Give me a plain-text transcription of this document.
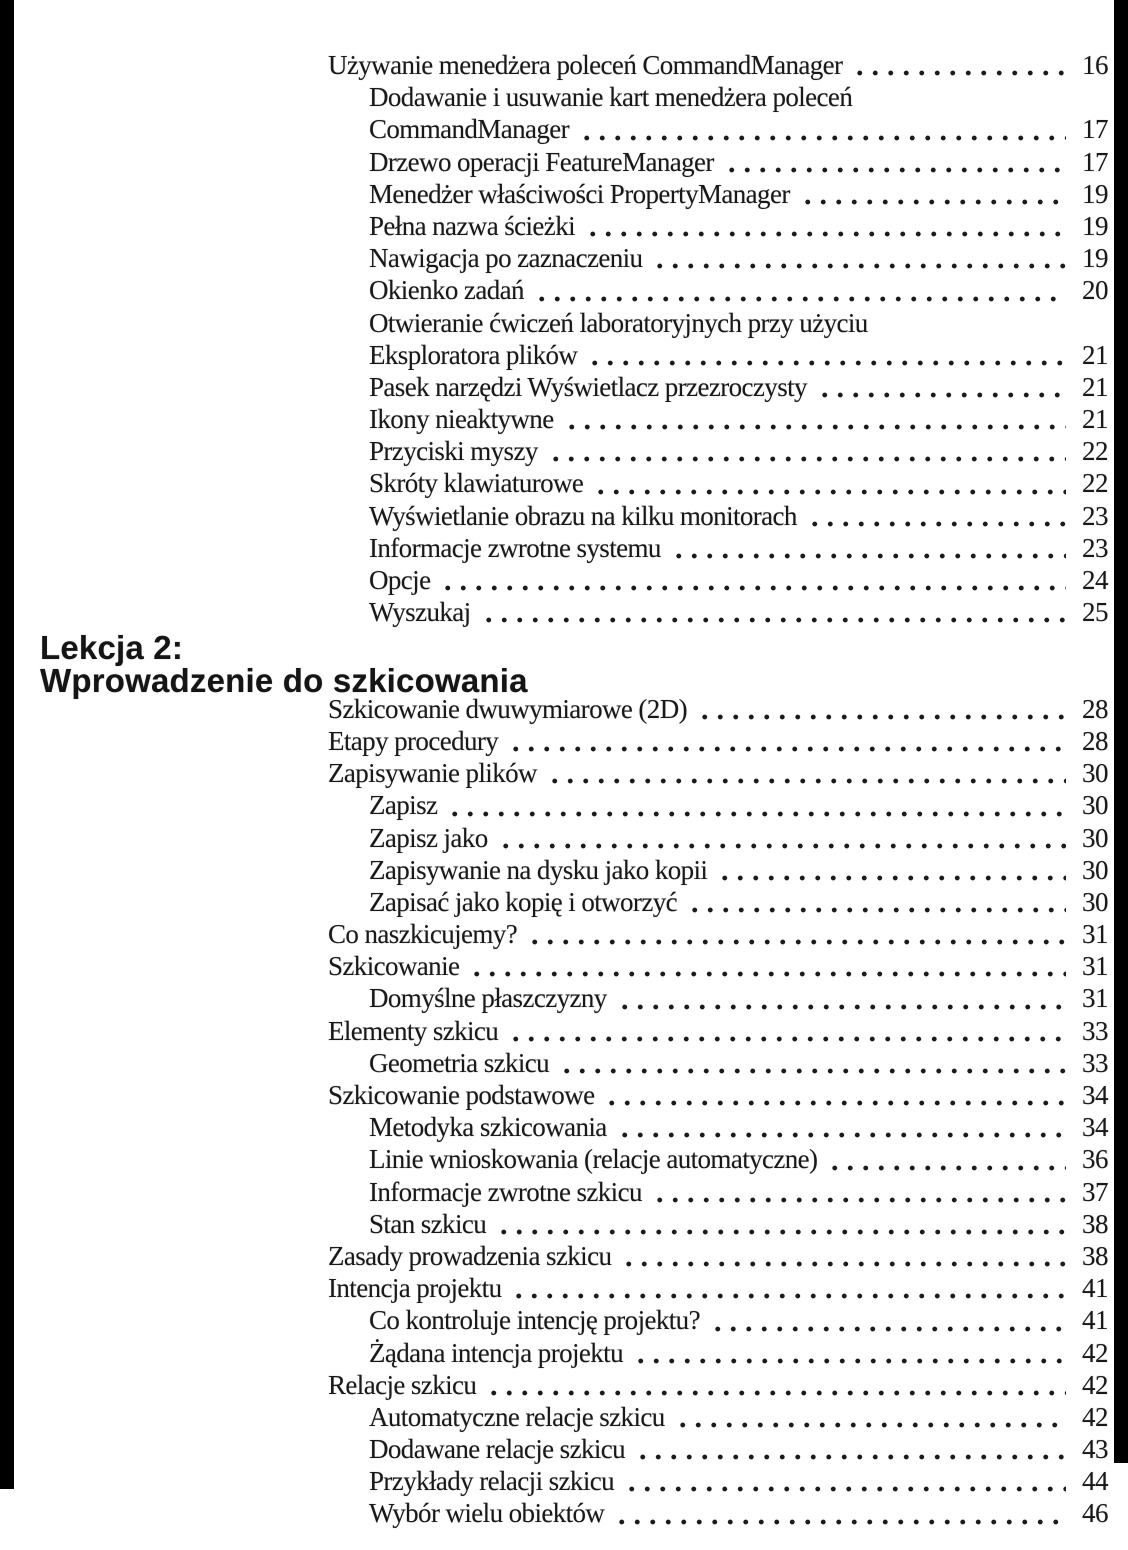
Używanie menedżera poleceń CommandManager	16
Dodawanie i usuwanie kart menedżera poleceń
CommandManager	17
Drzewo operacji FeatureManager	17
Menedżer właściwości PropertyManager	19
Pełna nazwa ścieżki	19
Nawigacja po zaznaczeniu	19
Okienko zadań	20
Otwieranie ćwiczeń laboratoryjnych przy użyciu
Eksploratora plików	21
Pasek narzędzi Wyświetlacz przezroczysty	21
Ikony nieaktywne	21
Przyciski myszy	22
Skróty klawiaturowe	22
Wyświetlanie obrazu na kilku monitorach	23
Informacje zwrotne systemu	23
Opcje	24
Wyszukaj	25
Lekcja 2:
Wprowadzenie do szkicowania
Szkicowanie dwuwymiarowe (2D)	28
Etapy procedury	28
Zapisywanie plików	30
Zapisz	30
Zapisz jako	30
Zapisywanie na dysku jako kopii	30
Zapisać jako kopię i otworzyć	30
Co naszkicujemy?	31
Szkicowanie	31
Domyślne płaszczyzny	31
Elementy szkicu	33
Geometria szkicu	33
Szkicowanie podstawowe	34
Metodyka szkicowania	34
Linie wnioskowania (relacje automatyczne)	36
Informacje zwrotne szkicu	37
Stan szkicu	38
Zasady prowadzenia szkicu	38
Intencja projektu	41
Co kontroluje intencję projektu?	41
Żądana intencja projektu	42
Relacje szkicu	42
Automatyczne relacje szkicu	42
Dodawane relacje szkicu	43
Przykłady relacji szkicu	44
Wybór wielu obiektów	46
